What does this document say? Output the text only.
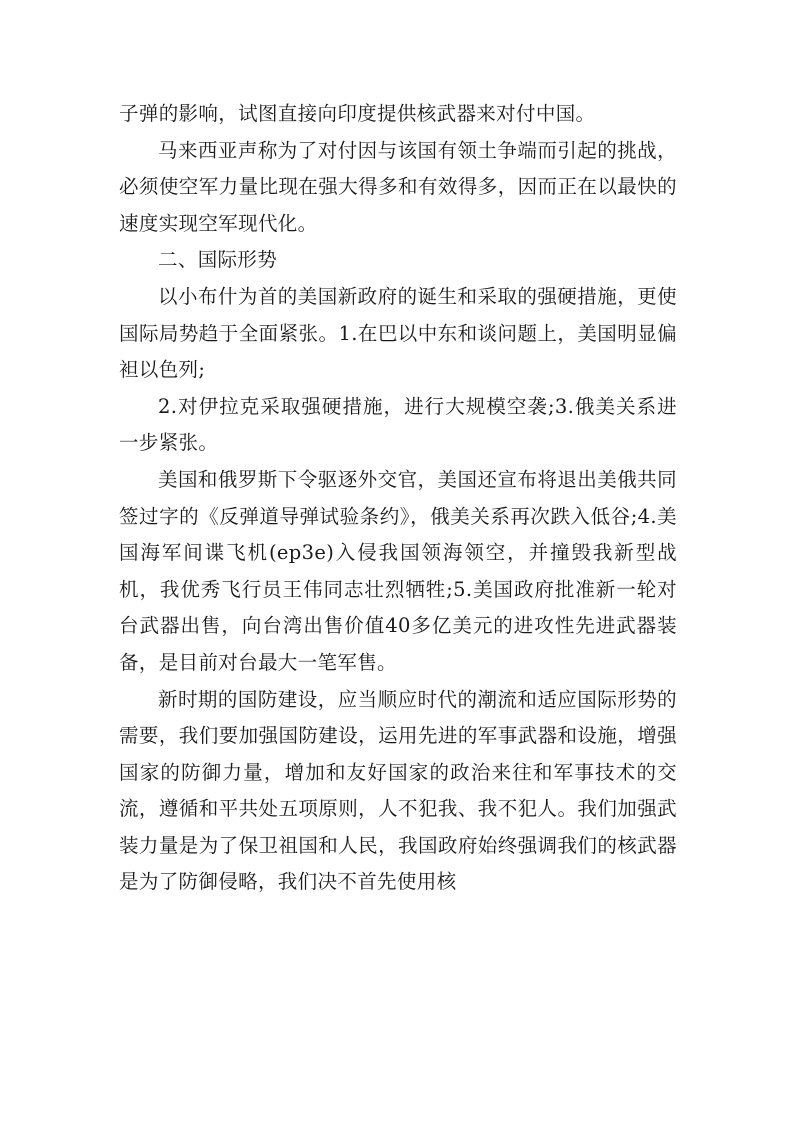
子弹的影响，试图直接向印度提供核武器来对付中国。

马来西亚声称为了对付因与该国有领土争端而引起的挑战，必须使空军力量比现在强大得多和有效得多，因而正在以最快的速度实现空军现代化。

二、国际形势

以小布什为首的美国新政府的诞生和采取的强硬措施，更使国际局势趋于全面紧张。1.在巴以中东和谈问题上，美国明显偏袒以色列;

2.对伊拉克采取强硬措施，进行大规模空袭;3.俄美关系进一步紧张。

美国和俄罗斯下令驱逐外交官，美国还宣布将退出美俄共同签过字的《反弹道导弹试验条约》，俄美关系再次跌入低谷;4.美国海军间谍飞机(ep3e)入侵我国领海领空，并撞毁我新型战机，我优秀飞行员王伟同志壮烈牺牲;5.美国政府批准新一轮对台武器出售，向台湾出售价值40多亿美元的进攻性先进武器装备，是目前对台最大一笔军售。

新时期的国防建设，应当顺应时代的潮流和适应国际形势的需要，我们要加强国防建设，运用先进的军事武器和设施，增强国家的防御力量，增加和友好国家的政治来往和军事技术的交流，遵循和平共处五项原则，人不犯我、我不犯人。我们加强武装力量是为了保卫祖国和人民，我国政府始终强调我们的核武器是为了防御侵略，我们决不首先使用核
